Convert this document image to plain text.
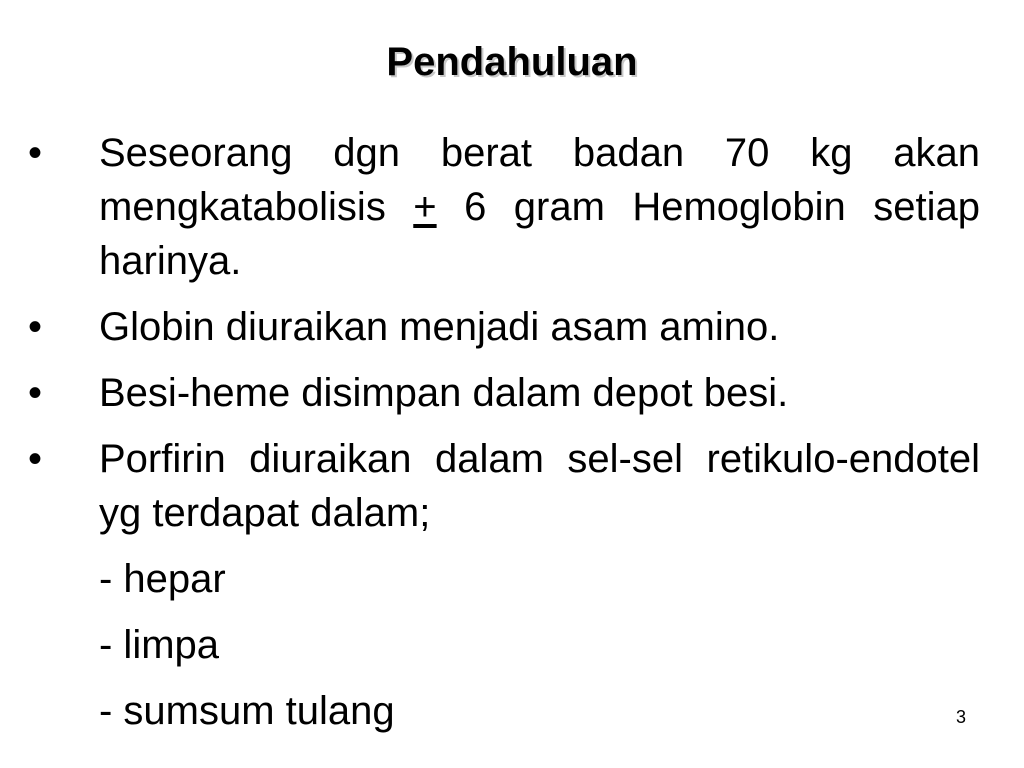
Pendahuluan
• Seseorang dgn berat badan 70 kg akan mengkatabolisis + 6 gram Hemoglobin setiap harinya.
• Globin diuraikan menjadi asam amino.
• Besi-heme disimpan dalam depot besi.
• Porfirin diuraikan dalam sel-sel retikulo-endotel yg terdapat dalam;
- hepar
- limpa
- sumsum tulang	3
